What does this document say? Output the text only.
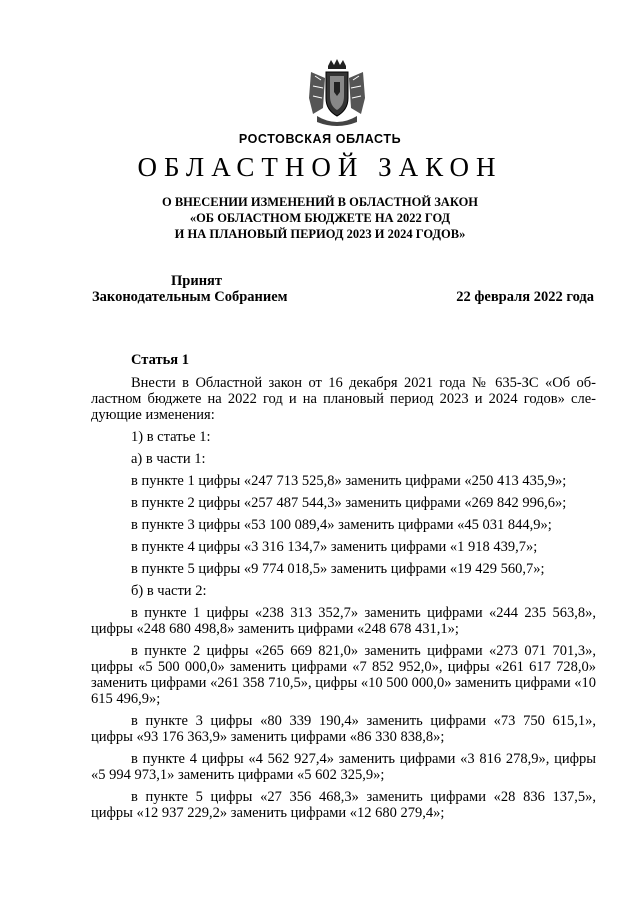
РОСТОВСКАЯ ОБЛАСТЬ
ОБЛАСТНОЙ ЗАКОН
О ВНЕСЕНИИ ИЗМЕНЕНИЙ В ОБЛАСТНОЙ ЗАКОН
«ОБ ОБЛАСТНОМ БЮДЖЕТЕ НА 2022 ГОД
И НА ПЛАНОВЫЙ ПЕРИОД 2023 И 2024 ГОДОВ»
Принят
Законодательным Собранием	22 февраля 2022 года
Статья 1

Внести в Областной закон от 16 декабря 2021 года № 635-ЗС «Об областном бюджете на 2022 год и на плановый период 2023 и 2024 годов» следующие изменения:

1) в статье 1:

а) в части 1:

в пункте 1 цифры «247 713 525,8» заменить цифрами «250 413 435,9»;

в пункте 2 цифры «257 487 544,3» заменить цифрами «269 842 996,6»;

в пункте 3 цифры «53 100 089,4» заменить цифрами «45 031 844,9»;

в пункте 4 цифры «3 316 134,7» заменить цифрами «1 918 439,7»;

в пункте 5 цифры «9 774 018,5» заменить цифрами «19 429 560,7»;

б) в части 2:

в пункте 1 цифры «238 313 352,7» заменить цифрами «244 235 563,8», цифры «248 680 498,8» заменить цифрами «248 678 431,1»;

в пункте 2 цифры «265 669 821,0» заменить цифрами «273 071 701,3», цифры «5 500 000,0» заменить цифрами «7 852 952,0», цифры «261 617 728,0» заменить цифрами «261 358 710,5», цифры «10 500 000,0» заменить цифрами «10 615 496,9»;

в пункте 3 цифры «80 339 190,4» заменить цифрами «73 750 615,1», цифры «93 176 363,9» заменить цифрами «86 330 838,8»;

в пункте 4 цифры «4 562 927,4» заменить цифрами «3 816 278,9», цифры «5 994 973,1» заменить цифрами «5 602 325,9»;

в пункте 5 цифры «27 356 468,3» заменить цифрами «28 836 137,5», цифры «12 937 229,2» заменить цифрами «12 680 279,4»;
